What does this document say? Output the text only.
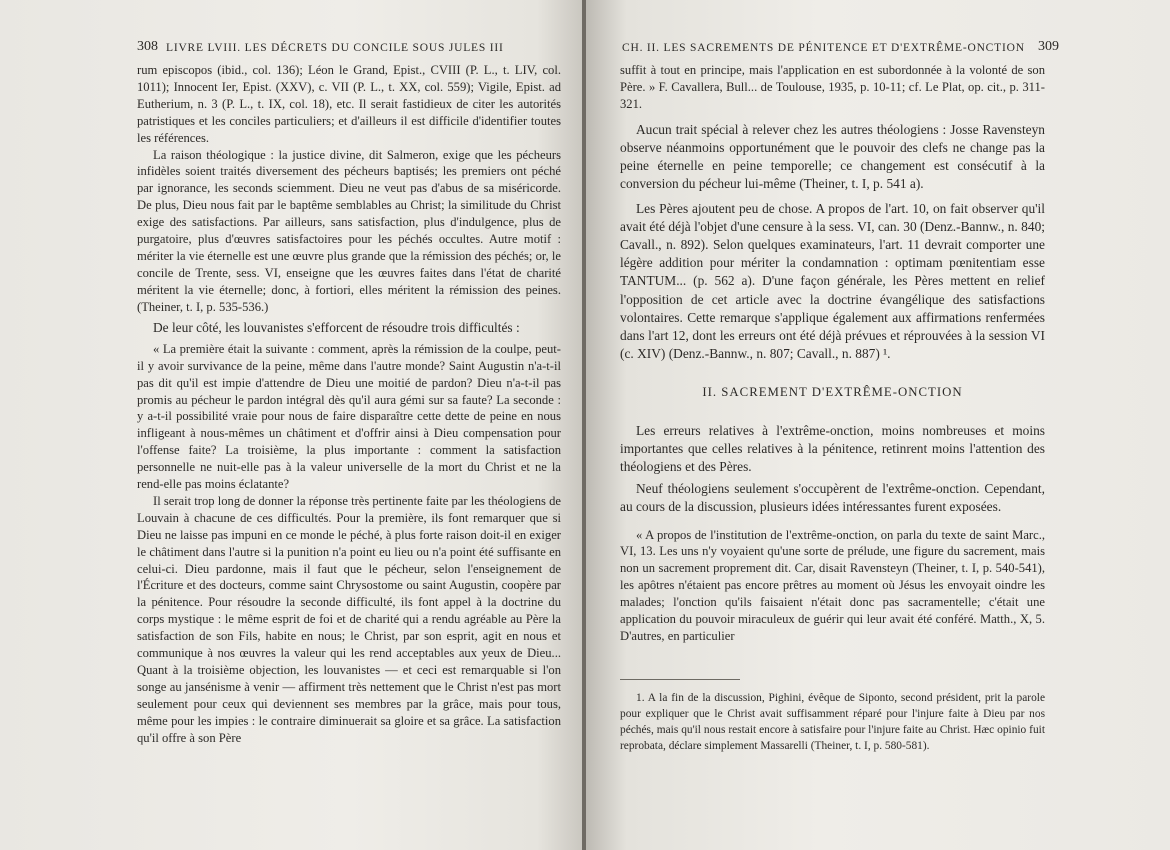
308 LIVRE LVIII. LES DÉCRETS DU CONCILE SOUS JULES III

rum episcopos (ibid., col. 136); Léon le Grand, Epist., CVIII (P. L., t. LIV, col. 1011); Innocent Ier, Epist. (XXV), c. VII (P. L., t. XX, col. 559); Vigile, Epist. ad Eutherium, n. 3 (P. L., t. IX, col. 18), etc. Il serait fastidieux de citer les autorités patristiques et les conciles particuliers; et d'ailleurs il est difficile d'identifier toutes les références.

La raison théologique : la justice divine, dit Salmeron, exige que les pécheurs infidèles soient traités diversement des pécheurs baptisés; les premiers ont péché par ignorance, les seconds sciemment. Dieu ne veut pas d'abus de sa miséricorde. De plus, Dieu nous fait par le baptême semblables au Christ; la similitude du Christ exige des satisfactions. Par ailleurs, sans satisfaction, plus d'indulgence, plus de purgatoire, plus d'œuvres satisfactoires pour les péchés occultes. Autre motif : mériter la vie éternelle est une œuvre plus grande que la rémission des péchés; or, le concile de Trente, sess. VI, enseigne que les œuvres faites dans l'état de charité méritent la vie éternelle; donc, à fortiori, elles méritent la rémission des peines. (Theiner, t. I, p. 535-536.)

De leur côté, les louvanistes s'efforcent de résoudre trois difficultés :

« La première était la suivante : comment, après la rémission de la coulpe, peut-il y avoir survivance de la peine, même dans l'autre monde? Saint Augustin n'a-t-il pas dit qu'il est impie d'attendre de Dieu une moitié de pardon? Dieu n'a-t-il pas promis au pécheur le pardon intégral dès qu'il aura gémi sur sa faute? La seconde : y a-t-il possibilité vraie pour nous de faire disparaître cette dette de peine en nous infligeant à nous-mêmes un châtiment et d'offrir ainsi à Dieu compensation pour l'offense faite? La troisième, la plus importante : comment la satisfaction personnelle ne nuit-elle pas à la valeur universelle de la mort du Christ et ne la rend-elle pas moins éclatante?

Il serait trop long de donner la réponse très pertinente faite par les théologiens de Louvain à chacune de ces difficultés. Pour la première, ils font remarquer que si Dieu ne laisse pas impuni en ce monde le péché, à plus forte raison doit-il en exiger le châtiment dans l'autre si la punition n'a point eu lieu ou n'a point été suffisante en celui-ci. Dieu pardonne, mais il faut que le pécheur, selon l'enseignement de l'Écriture et des docteurs, comme saint Chrysostome ou saint Augustin, coopère par la pénitence. Pour résoudre la seconde difficulté, ils font appel à la doctrine du corps mystique : le même esprit de foi et de charité qui a rendu agréable au Père la satisfaction de son Fils, habite en nous; le Christ, par son esprit, agit en nous et communique à nos œuvres la valeur qui les rend acceptables aux yeux de Dieu... Quant à la troisième objection, les louvanistes — et ceci est remarquable si l'on songe au jansénisme à venir — affirment très nettement que le Christ n'est pas mort seulement pour ceux qui deviennent ses membres par la grâce, mais pour tous, même pour les impies : le contraire diminuerait sa gloire et sa grâce. La satisfaction qu'il offre à son Père

CH. II. LES SACREMENTS DE PÉNITENCE ET D'EXTRÊME-ONCTION 309

suffit à tout en principe, mais l'application en est subordonnée à la volonté de son Père. » F. Cavallera, Bull... de Toulouse, 1935, p. 10-11; cf. Le Plat, op. cit., p. 311-321.

Aucun trait spécial à relever chez les autres théologiens : Josse Ravensteyn observe néanmoins opportunément que le pouvoir des clefs ne change pas la peine éternelle en peine temporelle; ce changement est consécutif à la conversion du pécheur lui-même (Theiner, t. I, p. 541 a).

Les Pères ajoutent peu de chose. A propos de l'art. 10, on fait observer qu'il avait été déjà l'objet d'une censure à la sess. VI, can. 30 (Denz.-Bannw., n. 840; Cavall., n. 892). Selon quelques examinateurs, l'art. 11 devrait comporter une légère addition pour mériter la condamnation : optimam pœnitentiam esse TANTUM... (p. 562 a). D'une façon générale, les Pères mettent en relief l'opposition de cet article avec la doctrine évangélique des satisfactions volontaires. Cette remarque s'applique également aux affirmations renfermées dans l'art 12, dont les erreurs ont été déjà prévues et réprouvées à la session VI (c. XIV) (Denz.-Bannw., n. 807; Cavall., n. 887) ¹.

II. SACREMENT D'EXTRÊME-ONCTION

Les erreurs relatives à l'extrême-onction, moins nombreuses et moins importantes que celles relatives à la pénitence, retinrent moins l'attention des théologiens et des Pères.

Neuf théologiens seulement s'occupèrent de l'extrême-onction. Cependant, au cours de la discussion, plusieurs idées intéressantes furent exposées.

« A propos de l'institution de l'extrême-onction, on parla du texte de saint Marc., VI, 13. Les uns n'y voyaient qu'une sorte de prélude, une figure du sacrement, mais non un sacrement proprement dit. Car, disait Ravensteyn (Theiner, t. I, p. 540-541), les apôtres n'étaient pas encore prêtres au moment où Jésus les envoyait oindre les malades; l'onction qu'ils faisaient n'était donc pas sacramentelle; c'était une application du pouvoir miraculeux de guérir qui leur avait été conféré. Matth., X, 5. D'autres, en particulier

1. A la fin de la discussion, Pighini, évêque de Siponto, second président, prit la parole pour expliquer que le Christ avait suffisamment réparé pour l'injure faite à Dieu par nos péchés, mais qu'il nous restait encore à satisfaire pour l'injure faite au Christ. Hæc opinio fuit reprobata, déclare simplement Massarelli (Theiner, t. I, p. 580-581).
